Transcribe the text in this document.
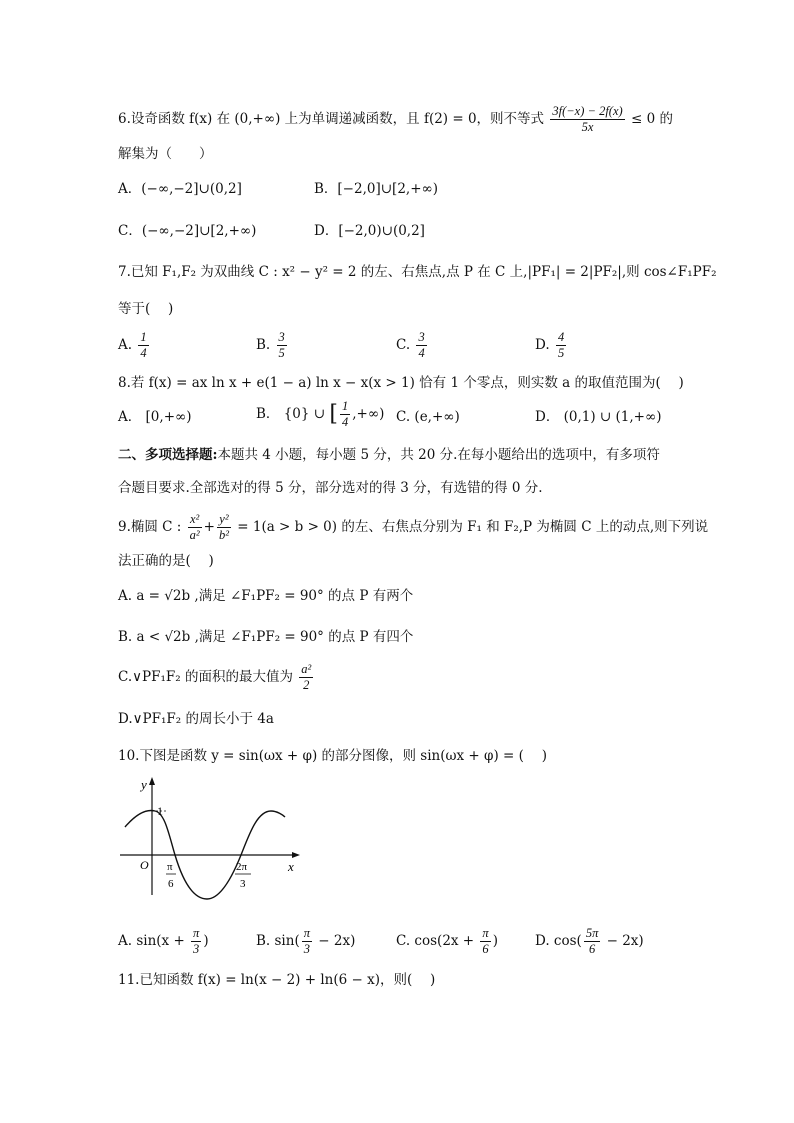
6.设奇函数 f(x) 在 (0,+∞) 上为单调递减函数，且 f(2) = 0，则不等式 $\frac{3f(-x) - 2f(x)}{5x} \le 0$ 的
解集为（　　）
A．(−∞,−2]∪(0,2]	B．[−2,0]∪[2,+∞)
C．(−∞,−2]∪[2,+∞)	D．[−2,0)∪(0,2]
7.已知 F₁,F₂ 为双曲线 C : x² − y² = 2 的左、右焦点,点 P 在 C 上,|PF₁| = 2|PF₂|,则 cos∠F₁PF₂
等于(　 )
A. $\frac{1}{4}$	B. $\frac{3}{5}$	C. $\frac{3}{4}$	D. $\frac{4}{5}$
8.若 f(x) = ax ln x + e(1 − a) ln x − x(x > 1) 恰有 1 个零点，则实数 a 的取值范围为(　 )
A． [0,+∞)	B． {0} ∪ [ $\frac{1}{4}$ ,+∞) C. (e,+∞)	D． (0,1) ∪ (1,+∞)
二、多项选择题:本题共 4 小题，每小题 5 分，共 20 分.在每小题给出的选项中，有多项符
合题目要求.全部选对的得 5 分，部分选对的得 3 分，有选错的得 0 分.
9.椭圆 C : $\frac{\text{x²}}{\text{a²}} + \frac{\text{y²}}{\text{b²}} = 1(a > b > 0)$ 的左、右焦点分别为 F₁ 和 F₂,P 为椭圆 C 上的动点,则下列说
法正确的是(　 )
A. a = √2b ,满足 ∠F₁PF₂ = 90° 的点 P 有两个
B. a < √2b ,满足 ∠F₁PF₂ = 90° 的点 P 有四个
C.∨PF₁F₂ 的面积的最大值为 $\frac{\text{a²}}{2}$
D.∨PF₁F₂ 的周长小于 4a
10.下图是函数 y = sin(ωx + φ) 的部分图像，则 sin(ωx + φ) = (　 )
y
1
O	x
π
6
2π
3
A. $\sin(x + \frac{\pi}{3}$ )	B. $\sin( \frac{\pi}{3} - 2x)$	C. $\cos(2x + \frac{\pi}{6}$ )	D. $\cos( \frac{5\pi}{6} - 2x)$
11.已知函数 f(x) = ln(x − 2) + ln(6 − x)，则(　 )
